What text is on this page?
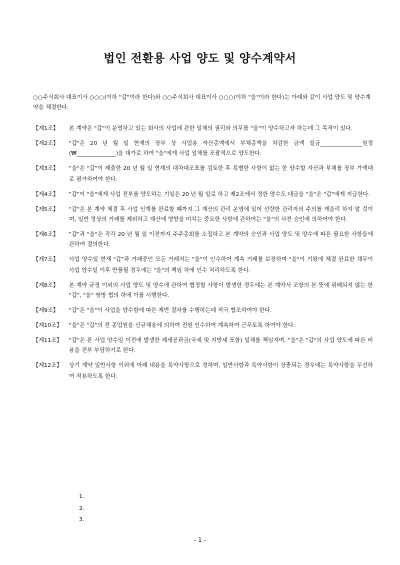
법인 전환용 사업 양도 및 양수계약서
○○주식회사 대표이사 ○○○(이하 "갑"이라 한다)와 ○○주식회사 대표이사 ○○○(이하 "을"이라 한다)는 아래와 같이 사업 양도 및 양수계약을 체결한다.
【제1조】	본 계약은 "갑"이 운영하고 있는 회사의 사업에 관한 일체의 권리와 의무를 "을"이 양수하고자 하는데 그 목적이 있다.
【제2조】	"갑"은 20 년 월 일 현재의 장부 상 사업용 자산총액에서 부채총액을 차감한 금액 일금_______________원정 (₩______________)을 대가로 하여 "을"에게 사업 일체를 포괄적으로 양도한다.
【제3조】	"을"은 "갑"이 제출한 20 년 월 일 현재의 대차대조표를 검토한 후 특별한 사항이 없는 한 양수할 자산과 부채를 장부 가액대로 평가하여야 한다.
【제4조】	"갑"이 "을"에게 사업 전부를 양도하는 기일은 20 년 월 일로 하고 제2조에서 정한 양수도 대금을 "을"은 "갑"에게 지급한다.
【제5조】	"갑"은 본 계약 체결 후 사업 인계를 완료할 때까지 그 재산의 관리 운영에 있어 선량한 관리자의 주의를 게을리 하지 말 것이며, 일반 정상의 거래를 제외하고 재산에 영향을 미치는 중요한 사항에 관하여는 "을"의 사전 승인에 의하여야 한다.
【제6조】	"갑"과 "을"은 각각 20 년 월 일 이전까지 주주총회를 소집하고 본 계약의 승인과 사업 양도 및 양수에 따른 필요한 사항들에 관하여 결의한다.
【제7조】	사업 양수일 현재 "갑"과 거래중인 모든 거래처는 "을"이 인수하여 계속 거래를 보장하며 "을"이 기왕에 체결 완료한 채무이 사업 양수일 이후 반품될 경우에는 "을"의 책임 하에 인수 처리하도록 한다.
【제8조】	본 계약 규정 이외의 사업 양도 및 양수에 관하여 협정할 사항이 발생한 경우에는 본 계약서 조항의 본 뜻에 위배되지 않는 한 "갑", "을" 쌍방 협의 하에 이를 시행한다.
【제9조】	"갑"은 "을"이 사업을 양수함에 따른 제반 절차를 수행하는데 적극 협조하여야 한다.
【제10조】	"을"은 "갑"의 전 종업원을 신규채용에 의하여 전원 인수하여 계속하여 근무토록 하여야 한다.
【제11조】	"갑"은 본 사업 양수일 이전에 발생한 제세공과금(국세 및 지방세 포함) 일체를 책임지며, "을"은 "갑"의 사업 양도에 따른 비용을 전부 부담하기로 한다.
【제12조】	상기 계약 일반사항 이외에 아래 내용을 특약사항으로 정하며, 일반사항과 특약사항이 상충되는 경우에는 특약사항을 우선하여 적용하도록 한다.
1.
2.
3.
- 1 -
